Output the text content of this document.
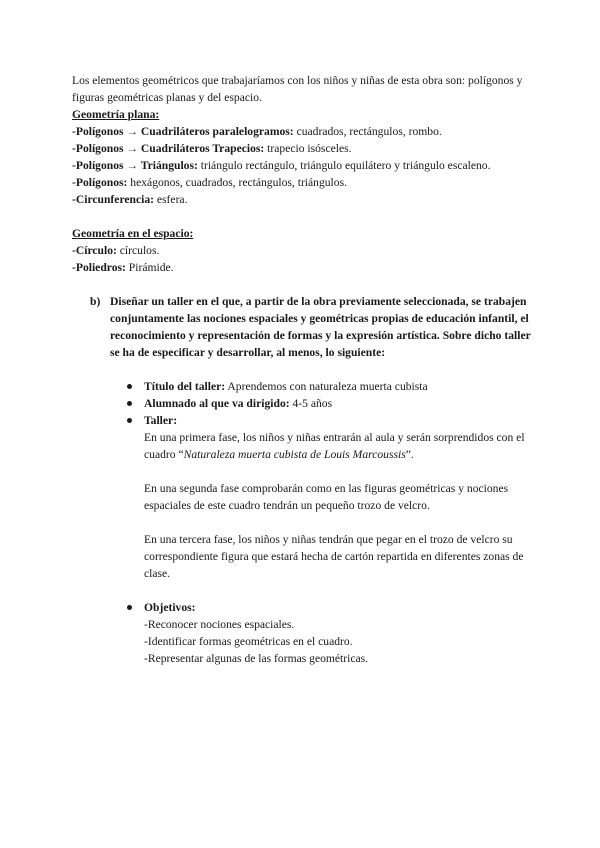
Los elementos geométricos que trabajaríamos con los niños y niñas de esta obra son: polígonos y figuras geométricas planas y del espacio.

Geometría plana:

-Polígonos → Cuadriláteros paralelogramos: cuadrados, rectángulos, rombo.

-Polígonos → Cuadriláteros Trapecios: trapecio isósceles.

-Polígonos → Triángulos: triángulo rectángulo, triángulo equilátero y triángulo escaleno.

-Polígonos: hexágonos, cuadrados, rectángulos, triángulos.

-Circunferencia: esfera.

Geometría en el espacio:

-Círculo: círculos.

-Poliedros: Pirámide.

b) Diseñar un taller en el que, a partir de la obra previamente seleccionada, se trabajen conjuntamente las nociones espaciales y geométricas propias de educación infantil, el reconocimiento y representación de formas y la expresión artística. Sobre dicho taller se ha de especificar y desarrollar, al menos, lo siguiente:

Título del taller: Aprendemos con naturaleza muerta cubista
Alumnado al que va dirigido: 4-5 años

Taller:

En una primera fase, los niños y niñas entrarán al aula y serán sorprendidos con el cuadro “Naturaleza muerta cubista de Louis Marcoussis”.

En una segunda fase comprobarán como en las figuras geométricas y nociones espaciales de este cuadro tendrán un pequeño trozo de velcro.

En una tercera fase, los niños y niñas tendrán que pegar en el trozo de velcro su correspondiente figura que estará hecha de cartón repartida en diferentes zonas de clase.

Objetivos:

-Reconocer nociones espaciales.

-Identificar formas geométricas en el cuadro.

-Representar algunas de las formas geométricas.
